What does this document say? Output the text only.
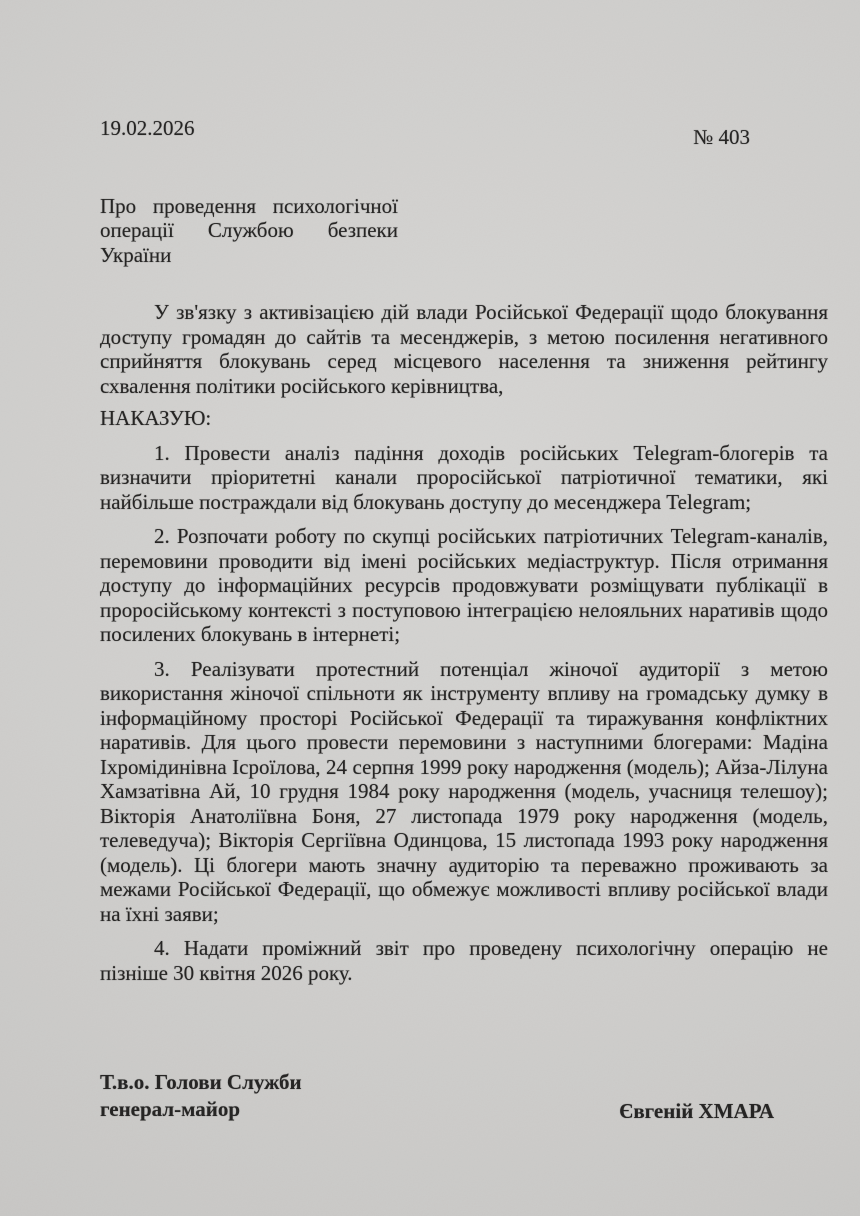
19.02.2026	№ 403
Про проведення психологічної
операції Службою безпеки
України

У зв'язку з активізацією дій влади Російської Федерації щодо блокування доступу громадян до сайтів та месенджерів, з метою посилення негативного сприйняття блокувань серед місцевого населення та зниження рейтингу схвалення політики російського керівництва,

НАКАЗУЮ:

1. Провести аналіз падіння доходів російських Telegram-блогерів та визначити пріоритетні канали проросійської патріотичної тематики, які найбільше постраждали від блокувань доступу до месенджера Telegram;

2. Розпочати роботу по скупці російських патріотичних Telegram-каналів, перемовини проводити від імені російських медіаструктур. Після отримання доступу до інформаційних ресурсів продовжувати розміщувати публікації в проросійському контексті з поступовою інтеграцією нелояльних наративів щодо посилених блокувань в інтернеті;

3. Реалізувати протестний потенціал жіночої аудиторії з метою використання жіночої спільноти як інструменту впливу на громадську думку в інформаційному просторі Російської Федерації та тиражування конфліктних наративів. Для цього провести перемовини з наступними блогерами: Мадіна Іхромідинівна Ісроїлова, 24 серпня 1999 року народження (модель); Айза-Лілуна Хамзатівна Ай, 10 грудня 1984 року народження (модель, учасниця телешоу); Вікторія Анатоліївна Боня, 27 листопада 1979 року народження (модель, телеведуча); Вікторія Сергіївна Одинцова, 15 листопада 1993 року народження (модель). Ці блогери мають значну аудиторію та переважно проживають за межами Російської Федерації, що обмежує можливості впливу російської влади на їхні заяви;

4. Надати проміжний звіт про проведену психологічну операцію не пізніше 30 квітня 2026 року.

Т.в.о. Голови Служби
генерал-майор	Євгеній ХМАРА
